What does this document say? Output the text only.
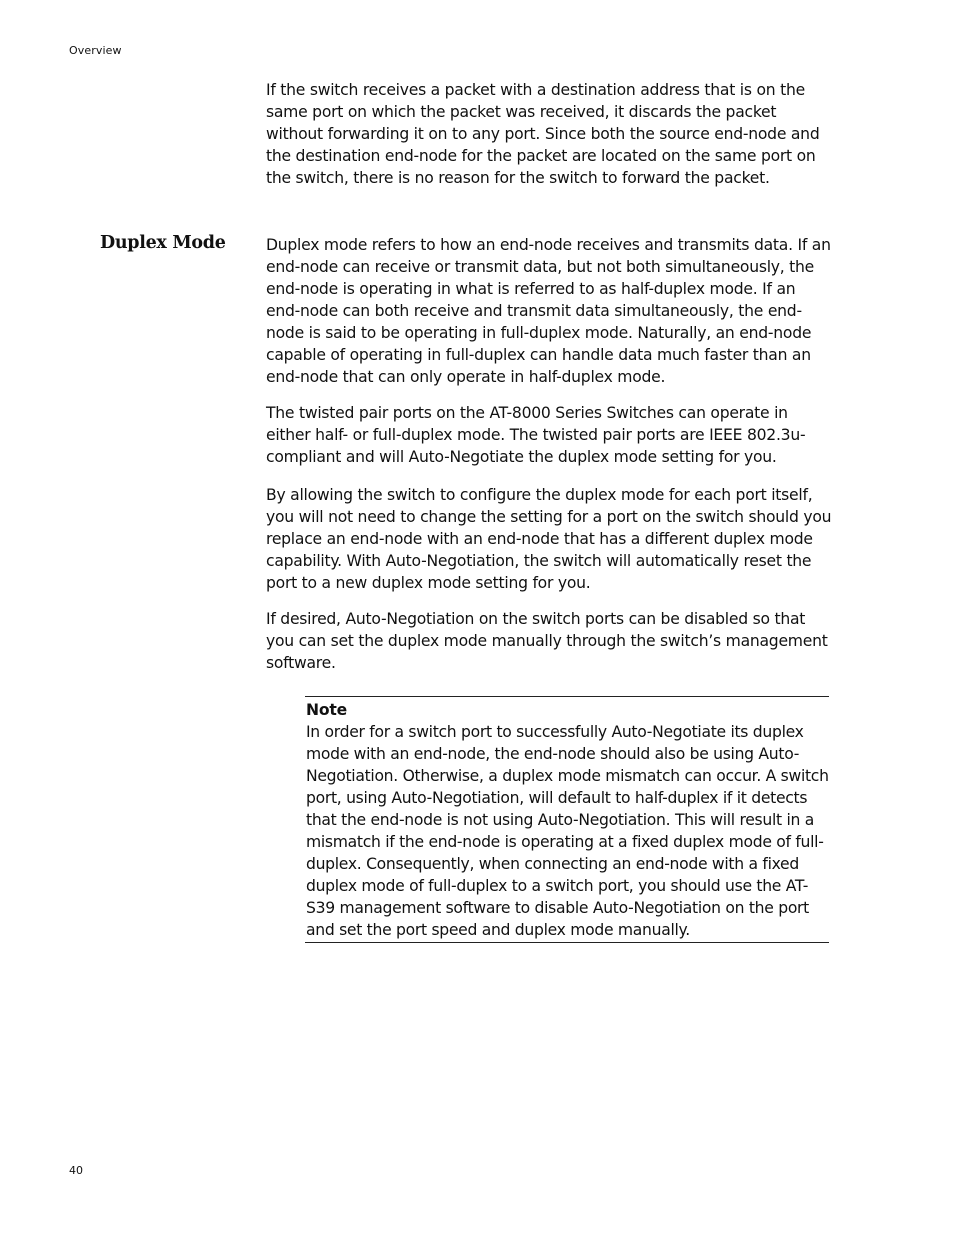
Overview

If the switch receives a packet with a destination address that is on the same port on which the packet was received, it discards the packet without forwarding it on to any port. Since both the source end-node and the destination end-node for the packet are located on the same port on the switch, there is no reason for the switch to forward the packet.

Duplex Mode	Duplex mode refers to how an end-node receives and transmits data. If an end-node can receive or transmit data, but not both simultaneously, the end-node is operating in what is referred to as half-duplex mode. If an end-node can both receive and transmit data simultaneously, the end-node is said to be operating in full-duplex mode. Naturally, an end-node capable of operating in full-duplex can handle data much faster than an end-node that can only operate in half-duplex mode.

The twisted pair ports on the AT-8000 Series Switches can operate in either half- or full-duplex mode. The twisted pair ports are IEEE 802.3u-compliant and will Auto-Negotiate the duplex mode setting for you.

By allowing the switch to configure the duplex mode for each port itself, you will not need to change the setting for a port on the switch should you replace an end-node with an end-node that has a different duplex mode capability. With Auto-Negotiation, the switch will automatically reset the port to a new duplex mode setting for you.

If desired, Auto-Negotiation on the switch ports can be disabled so that you can set the duplex mode manually through the switch’s management software.

Note

In order for a switch port to successfully Auto-Negotiate its duplex mode with an end-node, the end-node should also be using Auto-Negotiation. Otherwise, a duplex mode mismatch can occur. A switch port, using Auto-Negotiation, will default to half-duplex if it detects that the end-node is not using Auto-Negotiation. This will result in a mismatch if the end-node is operating at a fixed duplex mode of full-duplex. Consequently, when connecting an end-node with a fixed duplex mode of full-duplex to a switch port, you should use the AT-S39 management software to disable Auto-Negotiation on the port and set the port speed and duplex mode manually.

40
